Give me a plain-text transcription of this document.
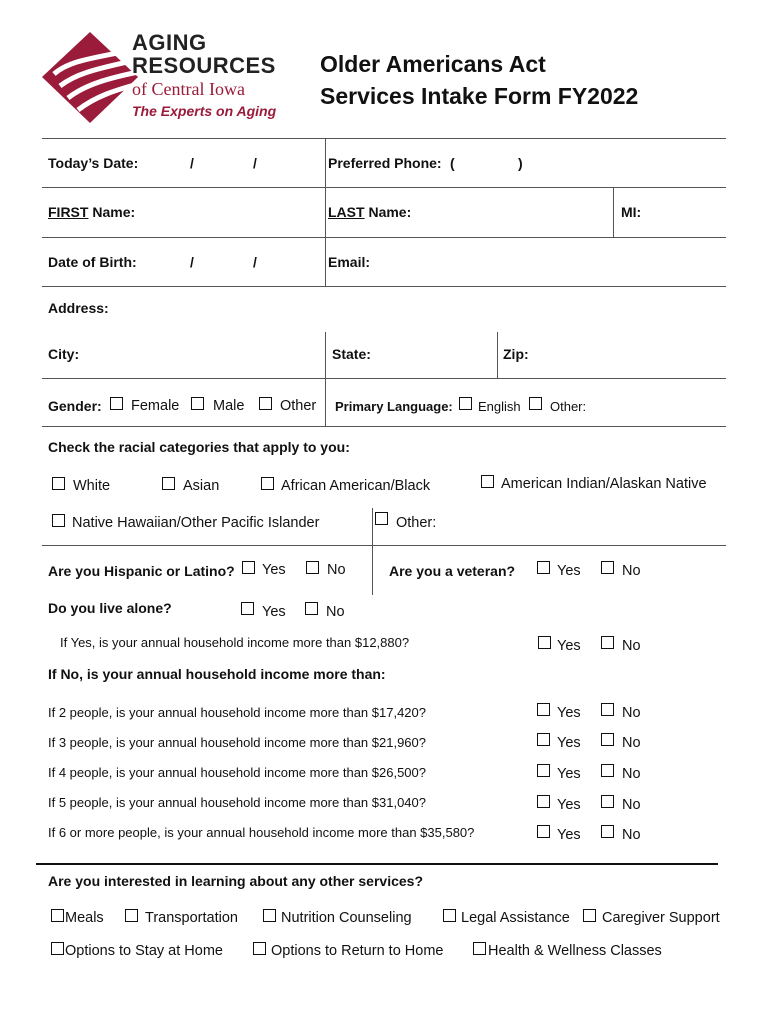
AGING
RESOURCES
of Central Iowa
The Experts on Aging
Older Americans Act
Services Intake Form FY2022
Today’s Date:	/	/	Preferred Phone: (	)
FIRST Name:	LAST Name:	MI:
Date of Birth:	/	/	Email:
Address:
City:	State:	Zip:
Gender: Female Male Other Primary Language: English Other:
Check the racial categories that apply to you:
White	Asian	African American/Black	American Indian/Alaskan Native
Native Hawaiian/Other Pacific Islander	Other:
Are you Hispanic or Latino? Yes	No	Are you a veteran?	Yes	No
Do you live alone?	Yes	No
If Yes, is your annual household income more than $12,880?	Yes	No
If No, is your annual household income more than:
If 2 people, is your annual household income more than $17,420?	Yes	No
If 3 people, is your annual household income more than $21,960?	Yes	No
If 4 people, is your annual household income more than $26,500?	Yes	No
If 5 people, is your annual household income more than $31,040?	Yes	No
If 6 or more people, is your annual household income more than $35,580?	Yes	No
Are you interested in learning about any other services?
Meals	Transportation	Nutrition Counseling	Legal Assistance Caregiver Support
Options to Stay at Home	Options to Return to Home	Health & Wellness Classes
